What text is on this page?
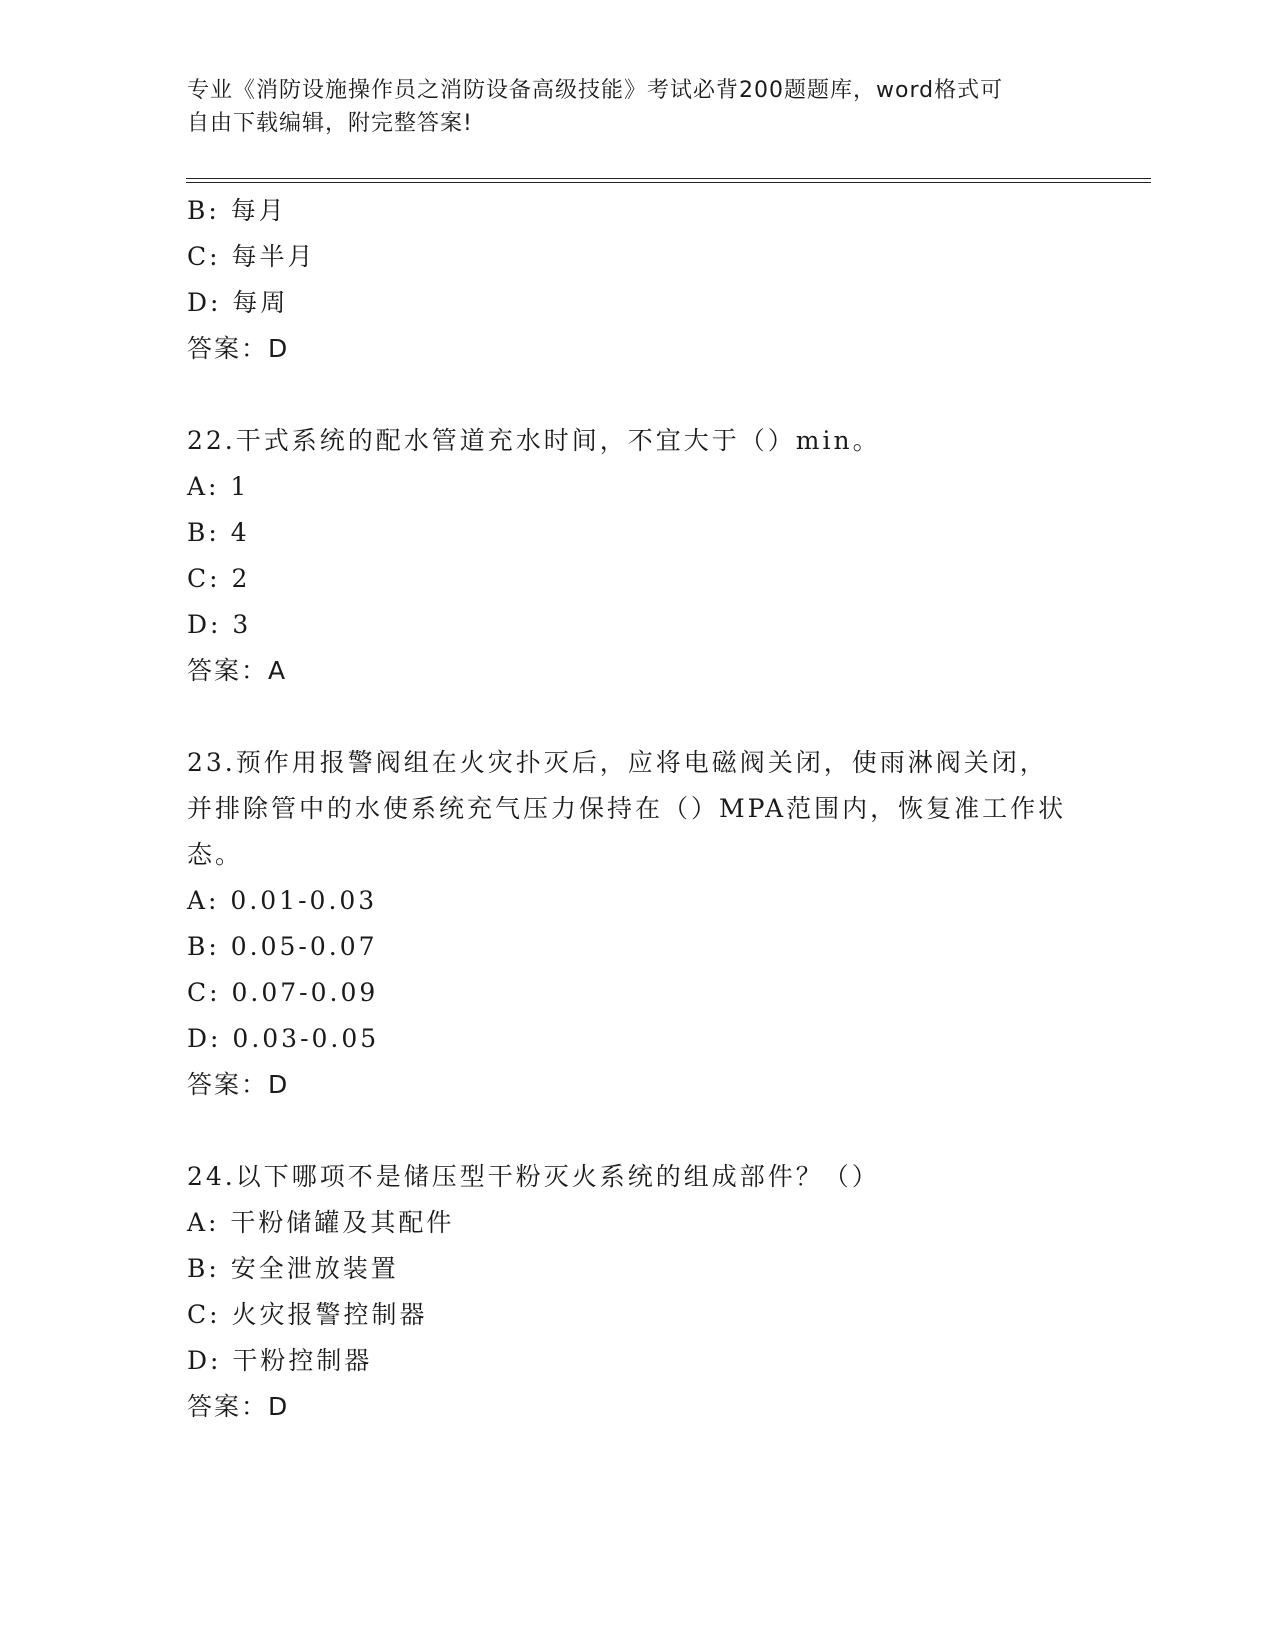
专业《消防设施操作员之消防设备高级技能》考试必背200题题库，word格式可
自由下载编辑，附完整答案!
B: 每月
C: 每半月
D: 每周
答案：D
22.干式系统的配水管道充水时间，不宜大于（）min。
A: 1
B: 4
C: 2
D: 3
答案：A
23.预作用报警阀组在火灾扑灭后，应将电磁阀关闭，使雨淋阀关闭，
并排除管中的水使系统充气压力保持在（）MPA范围内，恢复准工作状
态。
A: 0.01-0.03
B: 0.05-0.07
C: 0.07-0.09
D: 0.03-0.05
答案：D
24.以下哪项不是储压型干粉灭火系统的组成部件？（）
A: 干粉储罐及其配件
B: 安全泄放装置
C: 火灾报警控制器
D: 干粉控制器
答案：D
